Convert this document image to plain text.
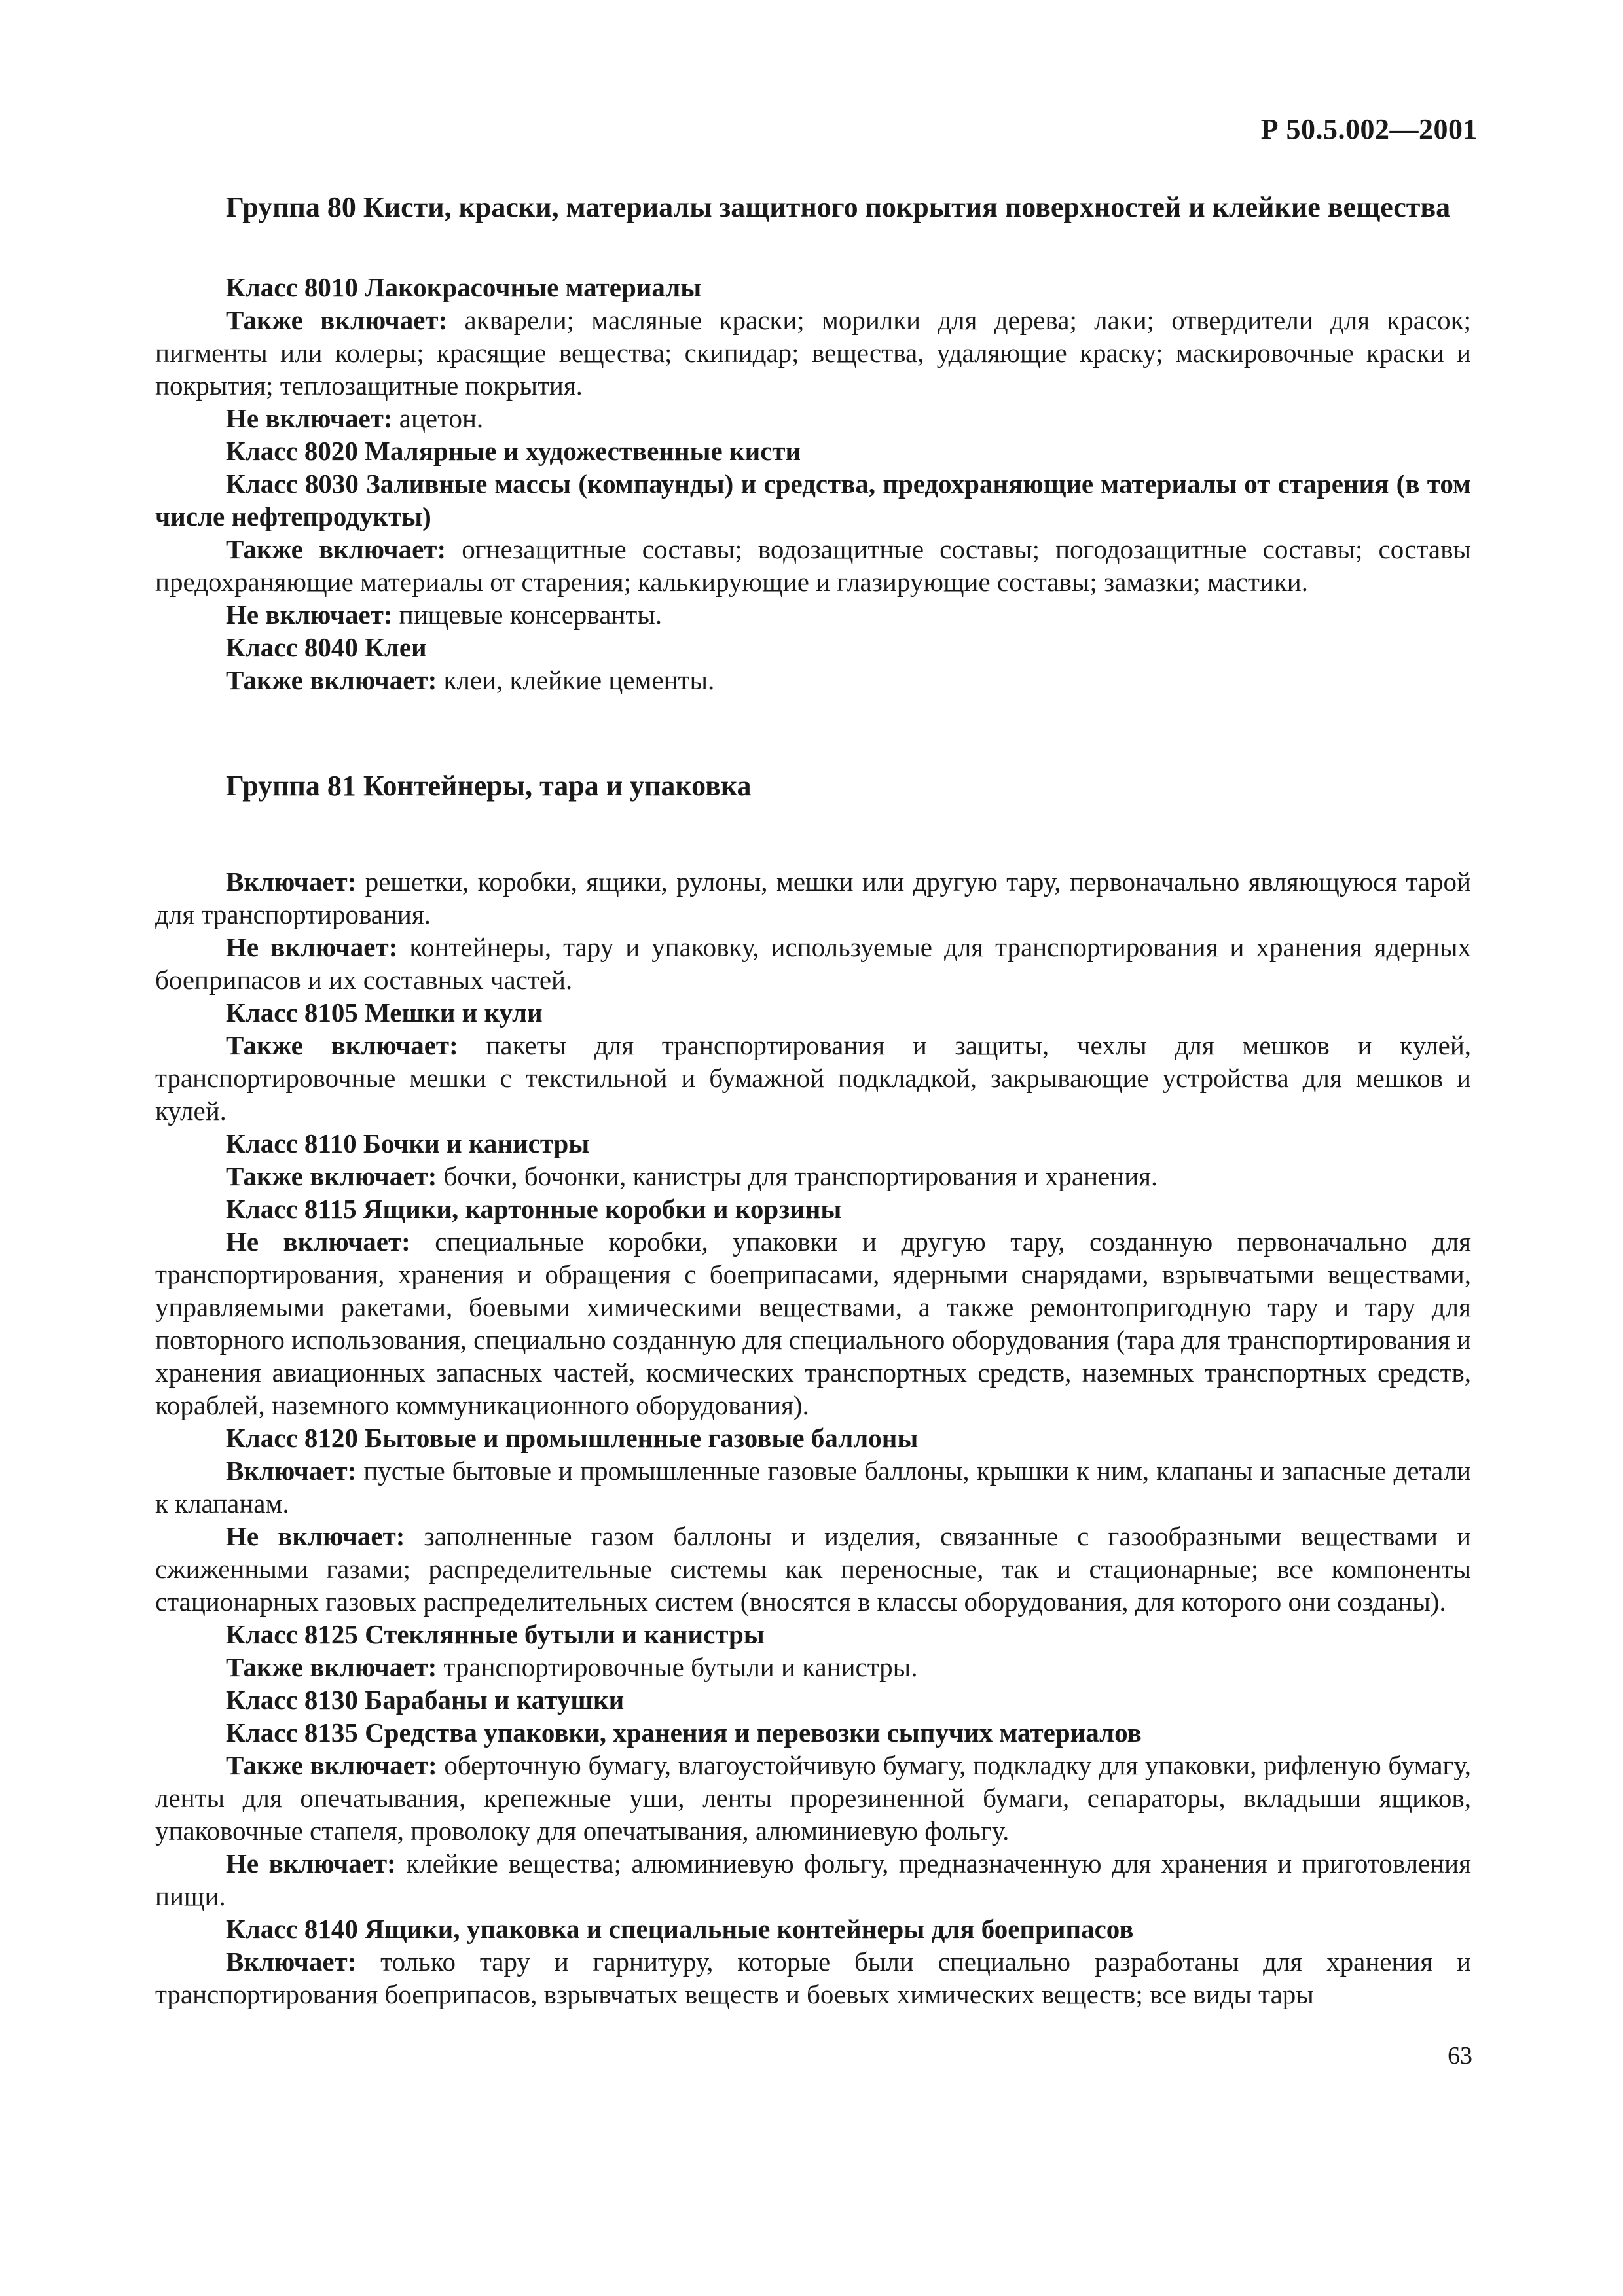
Р 50.5.002—2001

Группа 80 Кисти, краски, материалы защитного покрытия поверхностей и клейкие вещества

Класс 8010 Лакокрасочные материалы

Также включает: акварели; масляные краски; морилки для дерева; лаки; отвердители для красок; пигменты или колеры; красящие вещества; скипидар; вещества, удаляющие краску; маскировочные краски и покрытия; теплозащитные покрытия.

Не включает: ацетон.

Класс 8020 Малярные и художественные кисти

Класс 8030 Заливные массы (компаунды) и средства, предохраняющие материалы от старения (в том числе нефтепродукты)

Также включает: огнезащитные составы; водозащитные составы; погодозащитные составы; составы предохраняющие материалы от старения; калькирующие и глазирующие составы; замазки; мастики.

Не включает: пищевые консерванты.

Класс 8040 Клеи

Также включает: клеи, клейкие цементы.

Группа 81 Контейнеры, тара и упаковка

Включает: решетки, коробки, ящики, рулоны, мешки или другую тару, первоначально являющуюся тарой для транспортирования.

Не включает: контейнеры, тару и упаковку, используемые для транспортирования и хранения ядерных боеприпасов и их составных частей.

Класс 8105 Мешки и кули

Также включает: пакеты для транспортирования и защиты, чехлы для мешков и кулей, транспортировочные мешки с текстильной и бумажной подкладкой, закрывающие устройства для мешков и кулей.

Класс 8110 Бочки и канистры

Также включает: бочки, бочонки, канистры для транспортирования и хранения.

Класс 8115 Ящики, картонные коробки и корзины

Не включает: специальные коробки, упаковки и другую тару, созданную первоначально для транспортирования, хранения и обращения с боеприпасами, ядерными снарядами, взрывчатыми веществами, управляемыми ракетами, боевыми химическими веществами, а также ремонтопригодную тару и тару для повторного использования, специально созданную для специального оборудования (тара для транспортирования и хранения авиационных запасных частей, космических транспортных средств, наземных транспортных средств, кораблей, наземного коммуникационного оборудования).

Класс 8120 Бытовые и промышленные газовые баллоны

Включает: пустые бытовые и промышленные газовые баллоны, крышки к ним, клапаны и запасные детали к клапанам.

Не включает: заполненные газом баллоны и изделия, связанные с газообразными веществами и сжиженными газами; распределительные системы как переносные, так и стационарные; все компоненты стационарных газовых распределительных систем (вносятся в классы оборудования, для которого они созданы).

Класс 8125 Стеклянные бутыли и канистры

Также включает: транспортировочные бутыли и канистры.

Класс 8130 Барабаны и катушки

Класс 8135 Средства упаковки, хранения и перевозки сыпучих материалов

Также включает: оберточную бумагу, влагоустойчивую бумагу, подкладку для упаковки, рифленую бумагу, ленты для опечатывания, крепежные уши, ленты прорезиненной бумаги, сепараторы, вкладыши ящиков, упаковочные стапеля, проволоку для опечатывания, алюминиевую фольгу.

Не включает: клейкие вещества; алюминиевую фольгу, предназначенную для хранения и приготовления пищи.

Класс 8140 Ящики, упаковка и специальные контейнеры для боеприпасов

Включает: только тару и гарнитуру, которые были специально разработаны для хранения и транспортирования боеприпасов, взрывчатых веществ и боевых химических веществ; все виды тары

63
